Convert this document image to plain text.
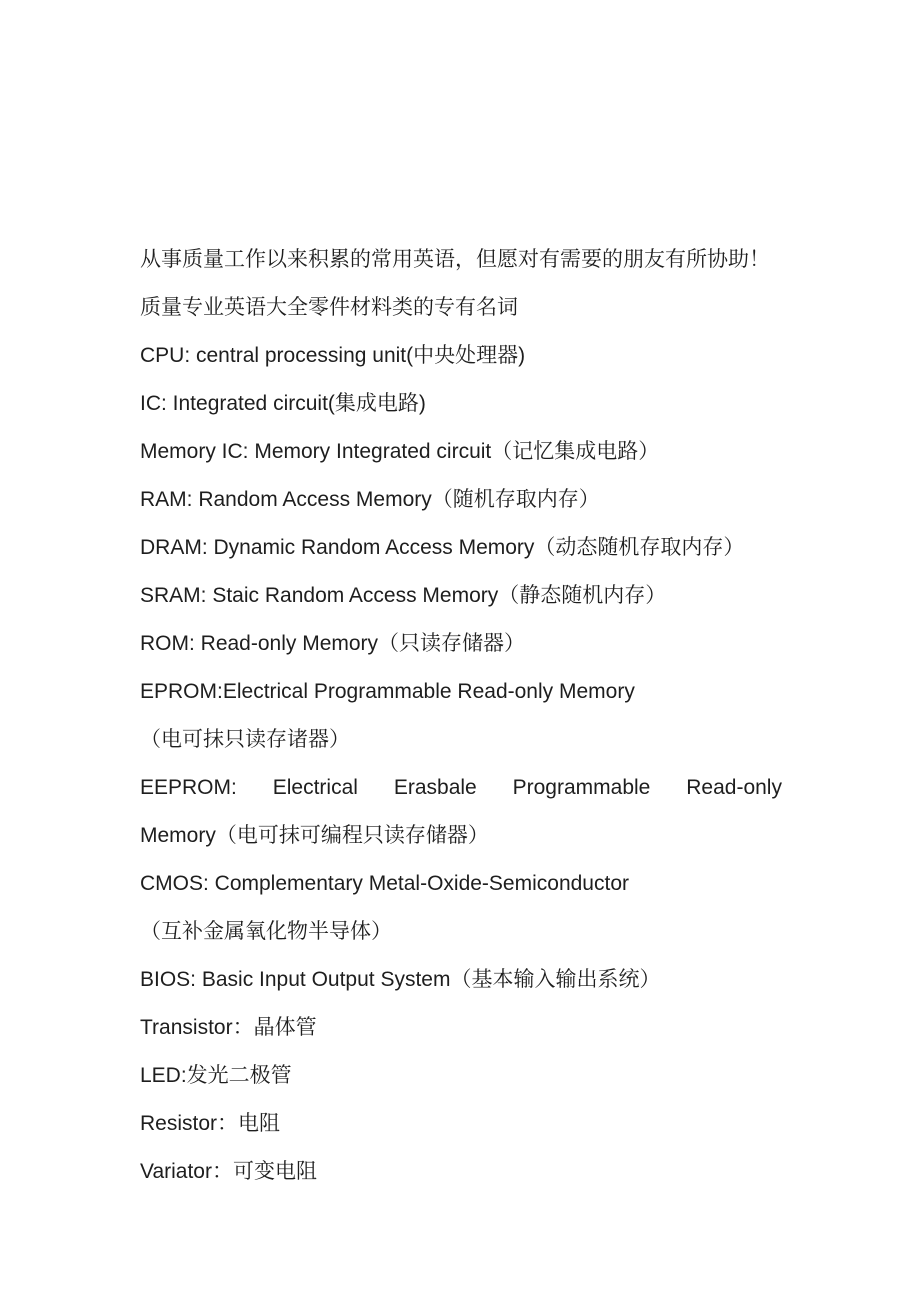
从事质量工作以来积累的常用英语，但愿对有需要的朋友有所协助！
质量专业英语大全零件材料类的专有名词
CPU: central processing unit(中央处理器)
IC: Integrated circuit(集成电路)
Memory IC: Memory Integrated circuit（记忆集成电路）
RAM: Random Access Memory（随机存取内存）
DRAM: Dynamic Random Access Memory（动态随机存取内存）
SRAM: Staic Random Access Memory（静态随机内存）
ROM: Read-only Memory（只读存储器）
EPROM:Electrical Programmable Read-only Memory
（电可抹只读存诸器）
EEPROM: Electrical Erasbale Programmable Read-only
Memory（电可抹可编程只读存储器）
CMOS: Complementary Metal-Oxide-Semiconductor
（互补金属氧化物半导体）
BIOS: Basic Input Output System（基本输入输出系统）
Transistor：晶体管
LED:发光二极管
Resistor：电阻
Variator：可变电阻
